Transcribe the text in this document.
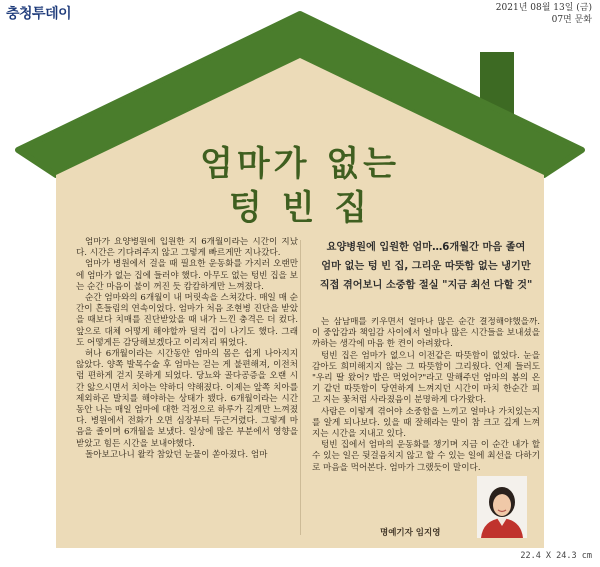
충청투데이	2021년 08월 13일 (금)
07면 문화
엄마가 없는
텅 빈 집

엄마가 요양병원에 입원한 지 6개월이라는 시간이 지났다. 시간은 기다려주지 않고 그렇게 빠르게만 지나갔다.

엄마가 병원에서 걸을 때 필요한 운동화를 가지러 오랜만에 엄마가 없는 집에 들러야 했다. 아무도 없는 텅빈 집을 보는 순간 마음이 불이 꺼진 듯 캄캄하게만 느껴졌다.

순간 엄마와의 6개월이 내 머릿속을 스쳐갔다. 매일 매 순간이 흔들림의 연속이었다. 엄마가 처음 조현병 진단을 받았을 때보다 치매를 진단받았을 때 내가 느낀 충격은 더 컸다. 앞으로 대체 어떻게 해야할까 덜컥 겁이 나기도 했다. 그래도 어떻게든 감당해보겠다고 이리저리 뛰었다.

허나 6개월이라는 시간동안 엄마의 몸은 쉽게 나아지지 않았다. 양쪽 발목수술 후 엄마는 걷는 게 불편해져, 이전처럼 편하게 걷지 못하게 되었다. 당뇨와 골다공증을 오랜 시간 앓으시면서 치아는 약하디 약해졌다. 이제는 앞쪽 치아를 제외하곤 발치를 해야하는 상태가 됐다. 6개월이라는 시간동안 나는 매일 엄마에 대한 걱정으로 하루가 길게만 느껴졌다. 병원에서 전화가 오면 심장부터 두근거렸다. 그렇게 마음을 졸이며 6개월을 보냈다. 일상에 많은 부분에서 영향을 받았고 힘든 시간을 보내야했다.

돌아보고나니 왈칵 참았던 눈물이 쏟아졌다. 엄마

요양병원에 입원한 엄마…6개월간 마음 졸여
엄마 없는 텅 빈 집, 그리운 따뜻함 없는 냉기만
직접 겪어보니 소중함 절실 "지금 최선 다할 것"

는 삼남매를 키우면서 얼마나 많은 순간 결정해야했을까. 이 중압감과 책임감 사이에서 얼마나 많은 시간들을 보내셨을까하는 생각에 마음 한 켠이 아려왔다.

텅빈 집은 엄마가 없으니 이전같은 따뜻함이 없었다. 눈을 감아도 희미해지지 않는 그 따뜻함이 그리웠다. 언제 들러도 "우리 딸 왔어? 밥은 먹었어?"라고 말해주던 엄마의 봄의 온기 같던 따뜻함이 당연하게 느껴지던 시간이 마치 한순간 피고 지는 꽃처럼 사라졌음이 분명하게 다가왔다.

사람은 이렇게 겪어야 소중함을 느끼고 얼마나 가치있는지를 알게 되나보다. 있을 때 잘해라는 말이 참 크고 깊게 느껴지는 시간을 지내고 있다.

텅빈 집에서 엄마의 운동화를 챙기며 지금 이 순간 내가 할 수 있는 일은 뒷걸음치지 않고 할 수 있는 일에 최선을 다하기로 마음을 먹어본다. 엄마가 그랬듯이 말이다.

명예기자 임지영
22.4 X 24.3 cm
